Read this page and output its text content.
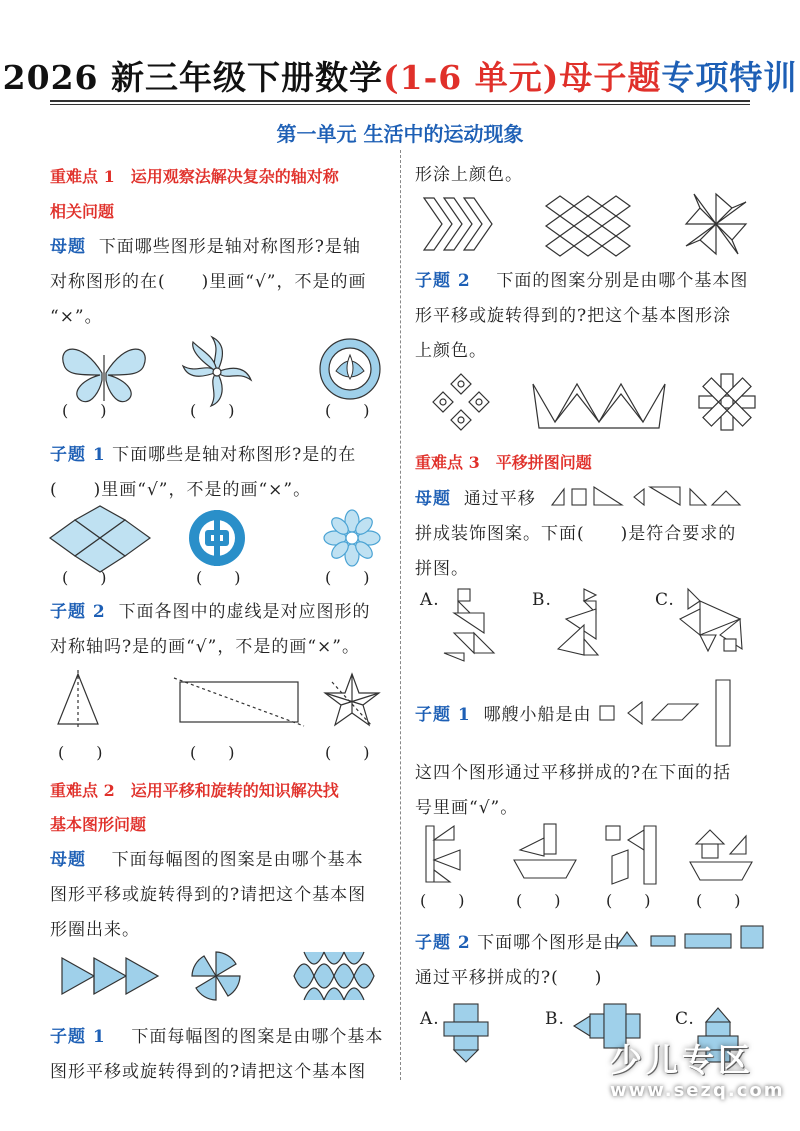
2026 新三年级下册数学(1-6 单元)母子题专项特训
第一单元 生活中的运动现象
重难点 1　运用观察法解决复杂的轴对称
相关问题
母题 下面哪些图形是轴对称图形?是轴
对称图形的在(　　)里画“√”，不是的画
“×”。
(　　)	(　　)	(　　)
子题 1 下面哪些是轴对称图形?是的在
(　　)里画“√”，不是的画“×”。
(　　)	(　　)	(　　)
子题 2 下面各图中的虚线是对应图形的
对称轴吗?是的画“√”，不是的画“×”。
(　　)	(　　)	(　　)
重难点 2　运用平移和旋转的知识解决找
基本图形问题
母题 下面每幅图的图案是由哪个基本
图形平移或旋转得到的?请把这个基本图
形圈出来。
子题 1 下面每幅图的图案是由哪个基本
图形平移或旋转得到的?请把这个基本图
形涂上颜色。
子题 2 下面的图案分别是由哪个基本图
形平移或旋转得到的?把这个基本图形涂
上颜色。
重难点 3　平移拼图问题
母题 通过平移
拼成装饰图案。下面(　　)是符合要求的
拼图。
A.	B.	C.
子题 1 哪艘小船是由
这四个图形通过平移拼成的?在下面的括
号里画“√”。
(　　)	(　　)	(　　)	(　　)
子题 2 下面哪个图形是由
通过平移拼成的?(　　)
A.	B.	C.
少儿专区
www.sezq.com
